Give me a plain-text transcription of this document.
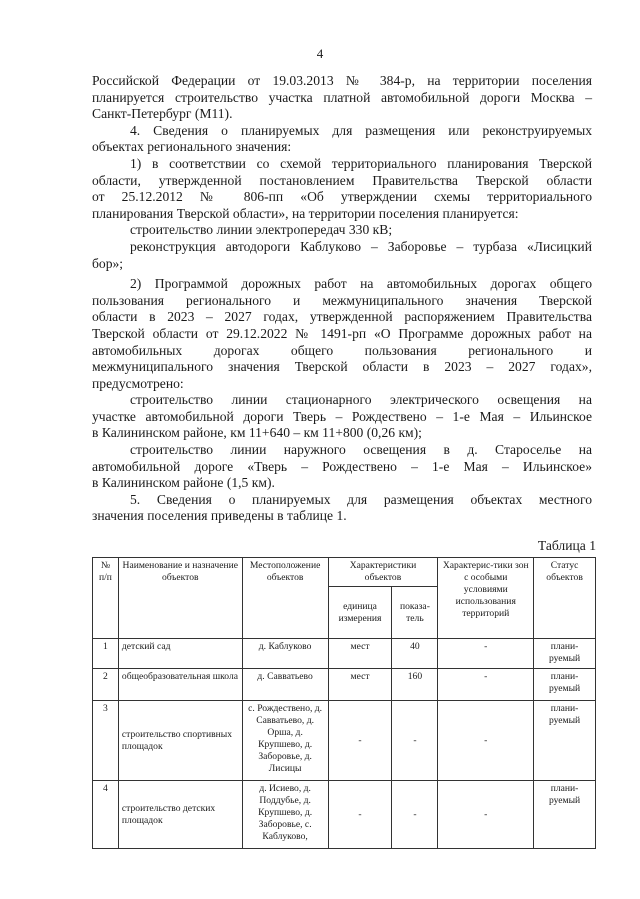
4

Российской Федерации от 19.03.2013 № 384-р, на территории поселения

планируется строительство участка платной автомобильной дороги Москва –

Санкт-Петербург (М11).

4. Сведения о планируемых для размещения или реконструируемых

объектах регионального значения:

1) в соответствии со схемой территориального планирования Тверской

области, утвержденной постановлением Правительства Тверской области

от 25.12.2012 № 806-пп «Об утверждении схемы территориального

планирования Тверской области», на территории поселения планируется:

строительство линии электропередач 330 кВ;

реконструкция автодороги Каблуково – Заборовье – турбаза «Лисицкий

бор»;

2) Программой дорожных работ на автомобильных дорогах общего

пользования регионального и межмуниципального значения Тверской

области в 2023 – 2027 годах, утвержденной распоряжением Правительства

Тверской области от 29.12.2022 № 1491-рп «О Программе дорожных работ на

автомобильных дорогах общего пользования регионального и

межмуниципального значения Тверской области в 2023 – 2027 годах»,

предусмотрено:

строительство линии стационарного электрического освещения на

участке автомобильной дороги Тверь – Рождествено – 1-е Мая – Ильинское

в Калининском районе, км 11+640 – км 11+800 (0,26 км);

строительство линии наружного освещения в д. Староселье на

автомобильной дороге «Тверь – Рождествено – 1-е Мая – Ильинское»

в Калининском районе (1,5 км).

5. Сведения о планируемых для размещения объектах местного

значения поселения приведены в таблице 1.

Таблица 1
№ п/п	Наименование и назначение объектов	Местоположение объектов	Характеристики объектов		Характерис-тики зон с особыми условиями использования территорий	Статус объектов
			единица измерения	показа-тель		
1	детский сад	д. Каблуково	мест	40	-	плани-руемый
2	общеобразовательная школа	д. Савватьево	мест	160	-	плани-руемый
3	строительство спортивных площадок	с. Рождествено, д. Савватьево, д. Орша, д. Крупшево, д. Заборовье, д. Лисицы	-	-	-	плани-руемый
4	строительство детских площадок	д. Исиево, д. Поддубье, д. Крупшево, д. Заборовье, с. Каблуково,	-	-	-	плани-руемый
